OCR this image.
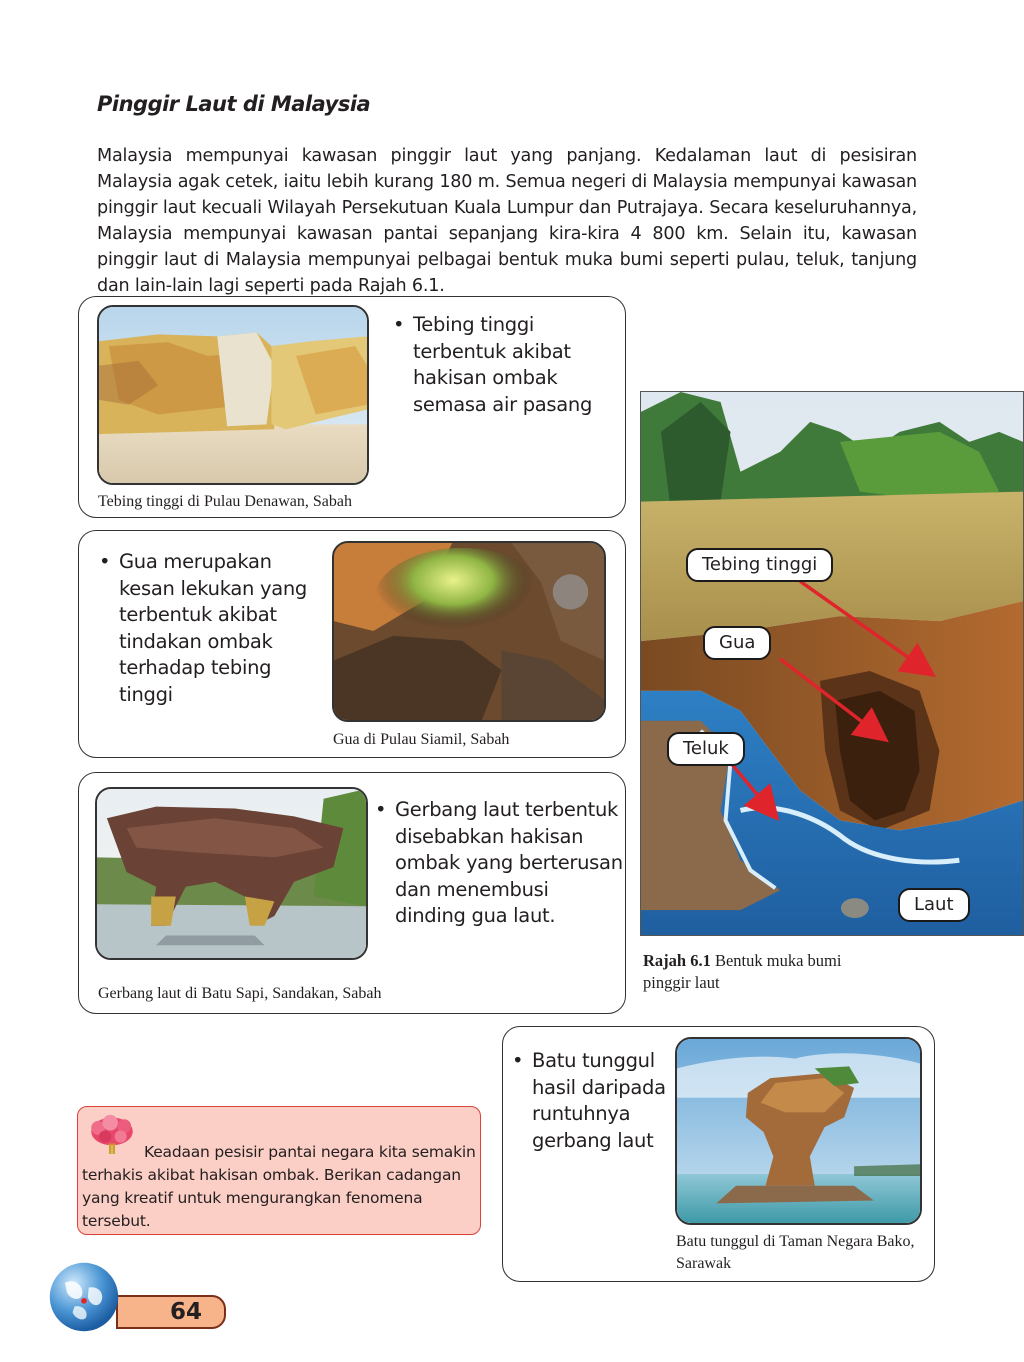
Pinggir Laut di Malaysia
Malaysia mempunyai kawasan pinggir laut yang panjang. Kedalaman laut di pesisiran Malaysia agak cetek, iaitu lebih kurang 180 m. Semua negeri di Malaysia mempunyai kawasan pinggir laut kecuali Wilayah Persekutuan Kuala Lumpur dan Putrajaya. Secara keseluruhannya, Malaysia mempunyai kawasan pantai sepanjang kira-kira 4 800 km. Selain itu, kawasan pinggir laut di Malaysia mempunyai pelbagai bentuk muka bumi seperti pulau, teluk, tanjung dan lain-lain lagi seperti pada Rajah 6.1.
• Tebing tinggi terbentuk akibat hakisan ombak semasa air pasang
Tebing tinggi di Pulau Denawan, Sabah
• Gua merupakan kesan lekukan yang terbentuk akibat tindakan ombak terhadap tebing tinggi
Gua di Pulau Siamil, Sabah
• Gerbang laut terbentuk disebabkan hakisan ombak yang berterusan dan menembusi dinding gua laut.
Gerbang laut di Batu Sapi, Sandakan, Sabah
Tebing tinggi
Gua
Teluk
Laut
Rajah 6.1 Bentuk muka bumi pinggir laut
• Batu tunggul hasil daripada runtuhnya gerbang laut
Batu tunggul di Taman Negara Bako, Sarawak
Keadaan pesisir pantai negara kita semakin terhakis akibat hakisan ombak. Berikan cadangan yang kreatif untuk mengurangkan fenomena tersebut.
64
